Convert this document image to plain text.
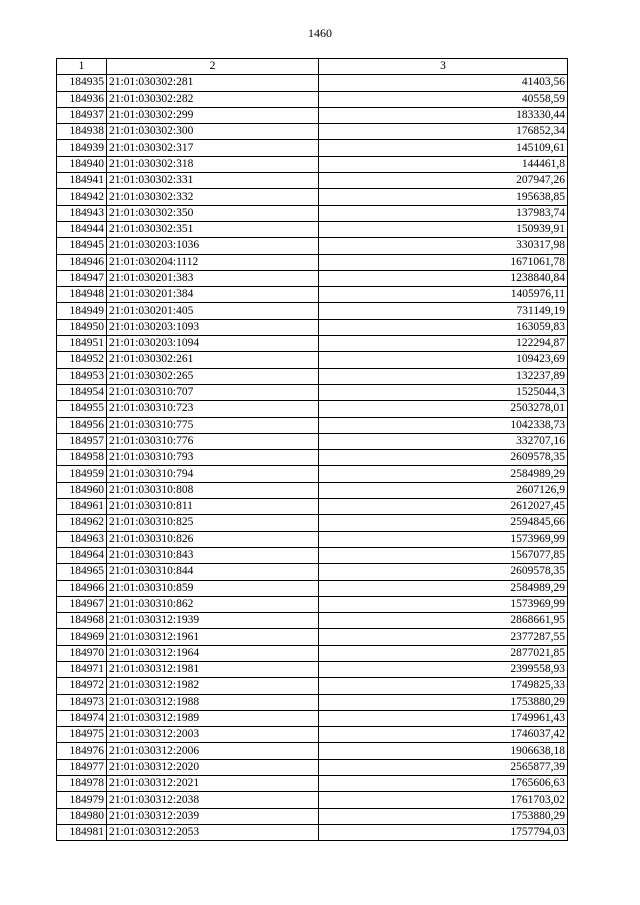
1460
1	2	3
184935	21:01:030302:281	41403,56
184936	21:01:030302:282	40558,59
184937	21:01:030302:299	183330,44
184938	21:01:030302:300	176852,34
184939	21:01:030302:317	145109,61
184940	21:01:030302:318	144461,8
184941	21:01:030302:331	207947,26
184942	21:01:030302:332	195638,85
184943	21:01:030302:350	137983,74
184944	21:01:030302:351	150939,91
184945	21:01:030203:1036	330317,98
184946	21:01:030204:1112	1671061,78
184947	21:01:030201:383	1238840,84
184948	21:01:030201:384	1405976,11
184949	21:01:030201:405	731149,19
184950	21:01:030203:1093	163059,83
184951	21:01:030203:1094	122294,87
184952	21:01:030302:261	109423,69
184953	21:01:030302:265	132237,89
184954	21:01:030310:707	1525044,3
184955	21:01:030310:723	2503278,01
184956	21:01:030310:775	1042338,73
184957	21:01:030310:776	332707,16
184958	21:01:030310:793	2609578,35
184959	21:01:030310:794	2584989,29
184960	21:01:030310:808	2607126,9
184961	21:01:030310:811	2612027,45
184962	21:01:030310:825	2594845,66
184963	21:01:030310:826	1573969,99
184964	21:01:030310:843	1567077,85
184965	21:01:030310:844	2609578,35
184966	21:01:030310:859	2584989,29
184967	21:01:030310:862	1573969,99
184968	21:01:030312:1939	2868661,95
184969	21:01:030312:1961	2377287,55
184970	21:01:030312:1964	2877021,85
184971	21:01:030312:1981	2399558,93
184972	21:01:030312:1982	1749825,33
184973	21:01:030312:1988	1753880,29
184974	21:01:030312:1989	1749961,43
184975	21:01:030312:2003	1746037,42
184976	21:01:030312:2006	1906638,18
184977	21:01:030312:2020	2565877,39
184978	21:01:030312:2021	1765606,63
184979	21:01:030312:2038	1761703,02
184980	21:01:030312:2039	1753880,29
184981	21:01:030312:2053	1757794,03
